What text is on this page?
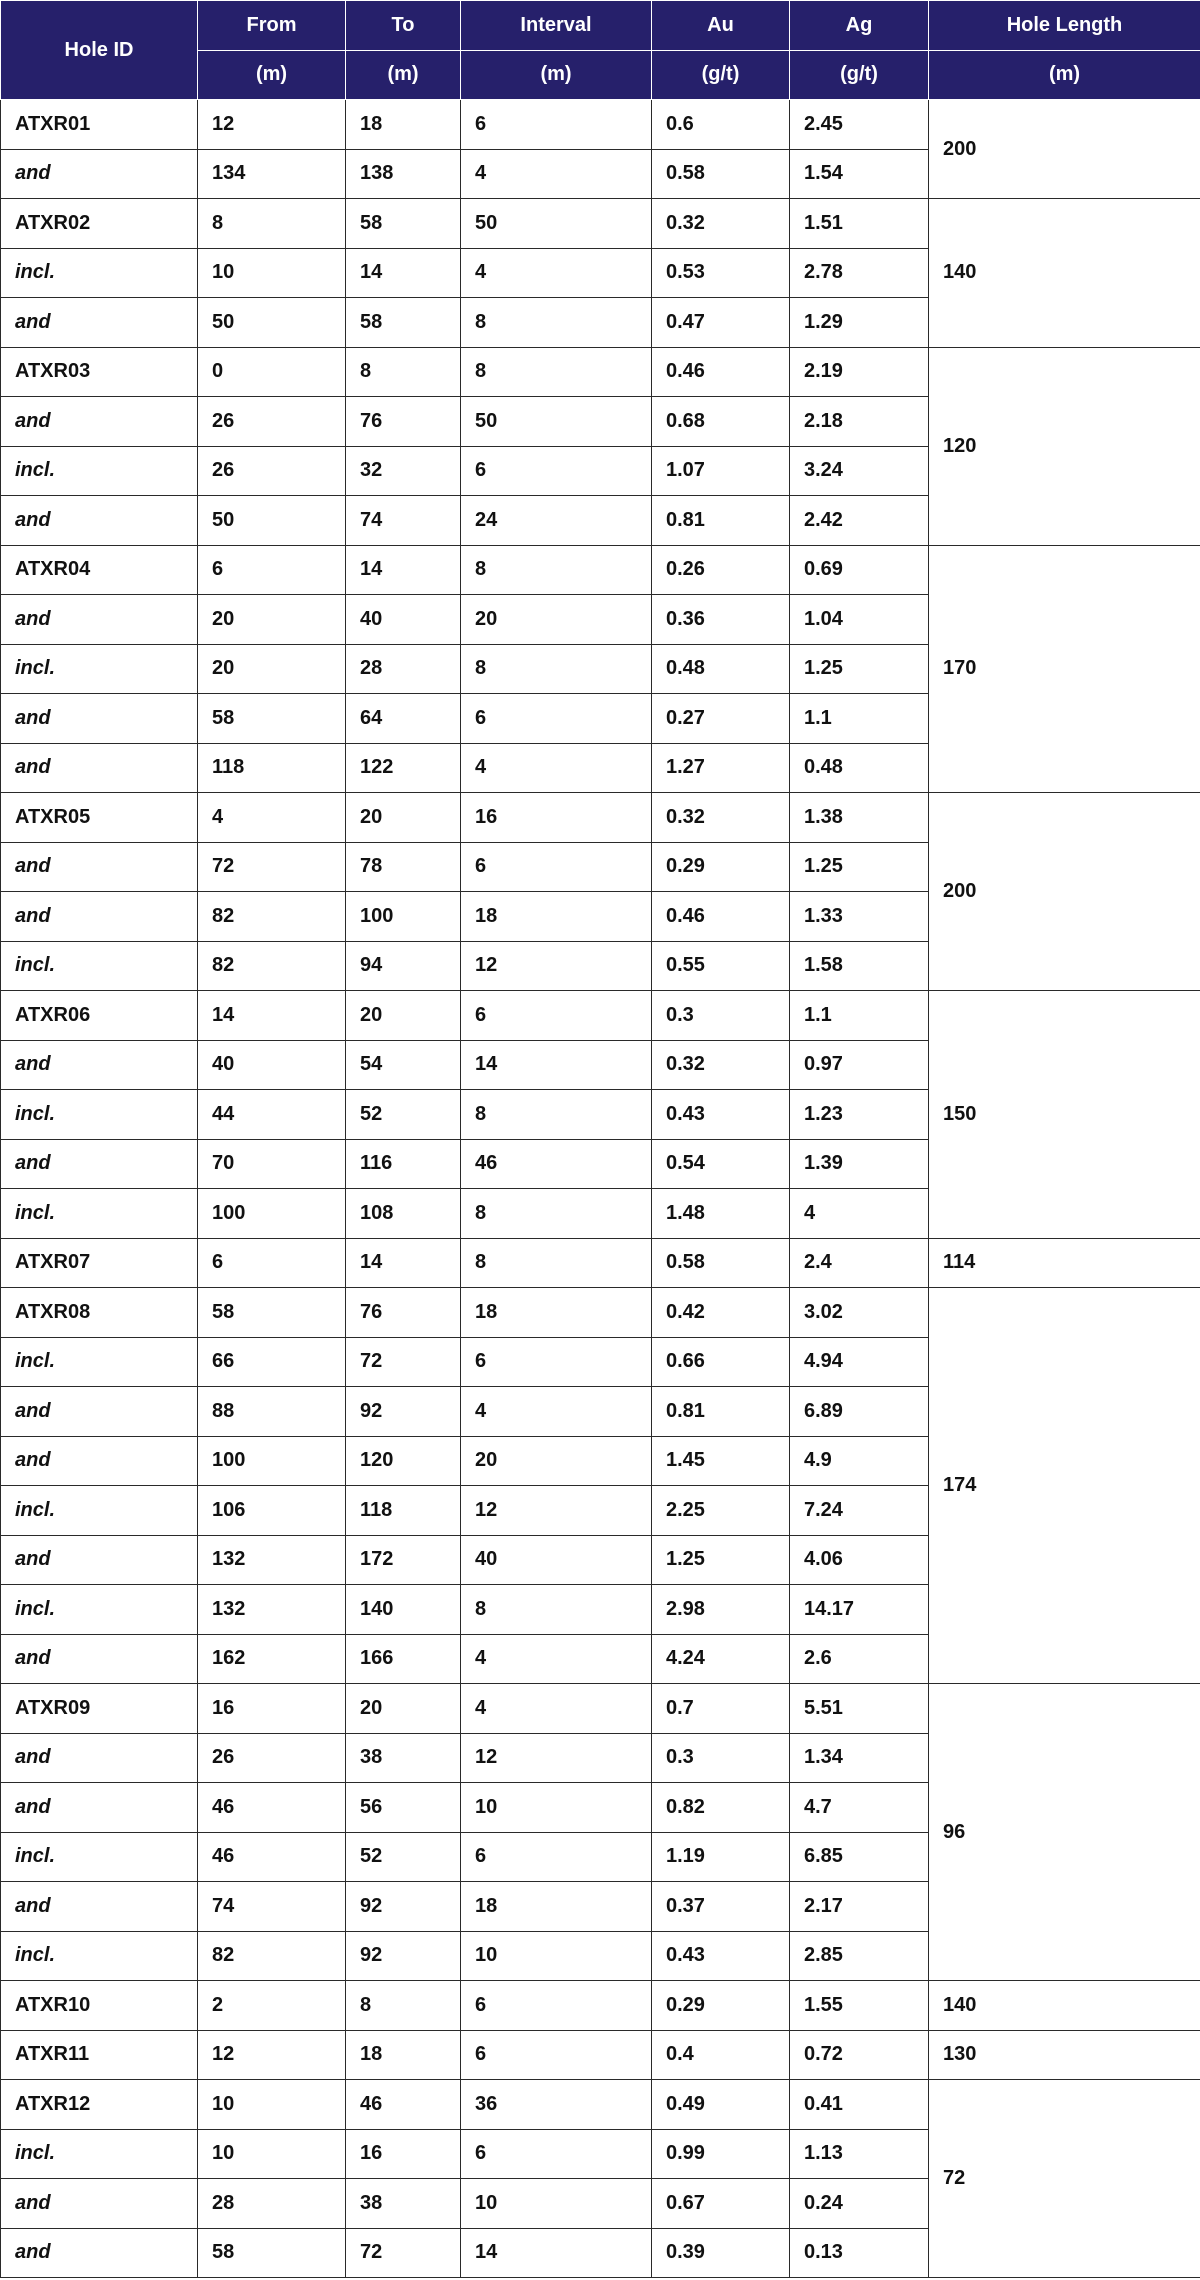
Hole ID	From	To	Interval	Au	Ag	Hole Length
	(m)	(m)	(m)	(g/t)	(g/t)	(m)
ATXR01	12	18	6	0.6	2.45	200
and	134	138	4	0.58	1.54	
ATXR02	8	58	50	0.32	1.51	140
incl.	10	14	4	0.53	2.78	
and	50	58	8	0.47	1.29	
ATXR03	0	8	8	0.46	2.19	120
and	26	76	50	0.68	2.18	
incl.	26	32	6	1.07	3.24	
and	50	74	24	0.81	2.42	
ATXR04	6	14	8	0.26	0.69	170
and	20	40	20	0.36	1.04	
incl.	20	28	8	0.48	1.25	
and	58	64	6	0.27	1.1	
and	118	122	4	1.27	0.48	
ATXR05	4	20	16	0.32	1.38	200
and	72	78	6	0.29	1.25	
and	82	100	18	0.46	1.33	
incl.	82	94	12	0.55	1.58	
ATXR06	14	20	6	0.3	1.1	150
and	40	54	14	0.32	0.97	
incl.	44	52	8	0.43	1.23	
and	70	116	46	0.54	1.39	
incl.	100	108	8	1.48	4	
ATXR07	6	14	8	0.58	2.4	114
ATXR08	58	76	18	0.42	3.02	174
incl.	66	72	6	0.66	4.94	
and	88	92	4	0.81	6.89	
and	100	120	20	1.45	4.9	
incl.	106	118	12	2.25	7.24	
and	132	172	40	1.25	4.06	
incl.	132	140	8	2.98	14.17	
and	162	166	4	4.24	2.6	
ATXR09	16	20	4	0.7	5.51	96
and	26	38	12	0.3	1.34	
and	46	56	10	0.82	4.7	
incl.	46	52	6	1.19	6.85	
and	74	92	18	0.37	2.17	
incl.	82	92	10	0.43	2.85	
ATXR10	2	8	6	0.29	1.55	140
ATXR11	12	18	6	0.4	0.72	130
ATXR12	10	46	36	0.49	0.41	72
incl.	10	16	6	0.99	1.13	
and	28	38	10	0.67	0.24	
and	58	72	14	0.39	0.13	
